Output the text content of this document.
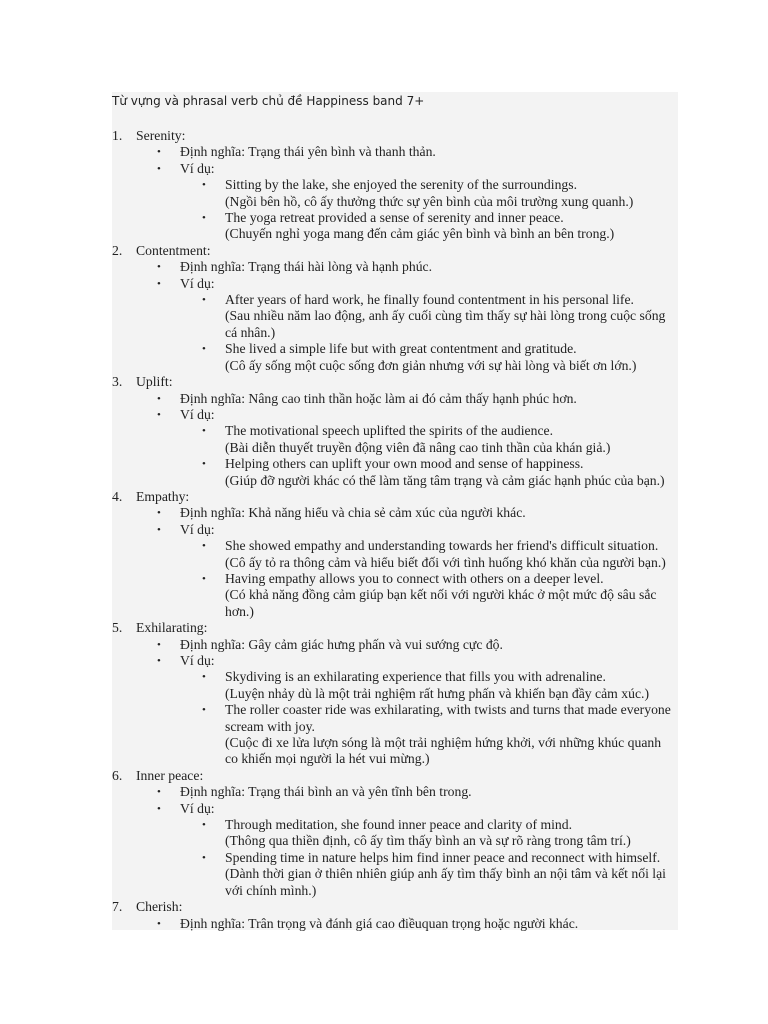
Từ vựng và phrasal verb chủ đề Happiness band 7+
1.	Serenity:
•	Định nghĩa: Trạng thái yên bình và thanh thản.
•	Ví dụ:
•	Sitting by the lake, she enjoyed the serenity of the surroundings.
(Ngồi bên hồ, cô ấy thưởng thức sự yên bình của môi trường xung quanh.)
•	The yoga retreat provided a sense of serenity and inner peace.
(Chuyến nghỉ yoga mang đến cảm giác yên bình và bình an bên trong.)
2.	Contentment:
•	Định nghĩa: Trạng thái hài lòng và hạnh phúc.
•	Ví dụ:
•	After years of hard work, he finally found contentment in his personal life.
(Sau nhiều năm lao động, anh ấy cuối cùng tìm thấy sự hài lòng trong cuộc sống cá nhân.)
•	She lived a simple life but with great contentment and gratitude.
(Cô ấy sống một cuộc sống đơn giản nhưng với sự hài lòng và biết ơn lớn.)
3.	Uplift:
•	Định nghĩa: Nâng cao tinh thần hoặc làm ai đó cảm thấy hạnh phúc hơn.
•	Ví dụ:
•	The motivational speech uplifted the spirits of the audience.
(Bài diễn thuyết truyền động viên đã nâng cao tinh thần của khán giả.)
•	Helping others can uplift your own mood and sense of happiness.
(Giúp đỡ người khác có thể làm tăng tâm trạng và cảm giác hạnh phúc của bạn.)
4.	Empathy:
•	Định nghĩa: Khả năng hiểu và chia sẻ cảm xúc của người khác.
•	Ví dụ:
•	She showed empathy and understanding towards her friend's difficult situation.
(Cô ấy tỏ ra thông cảm và hiểu biết đối với tình huống khó khăn của người bạn.)
•	Having empathy allows you to connect with others on a deeper level.
(Có khả năng đồng cảm giúp bạn kết nối với người khác ở một mức độ sâu sắc hơn.)
5.	Exhilarating:
•	Định nghĩa: Gây cảm giác hưng phấn và vui sướng cực độ.
•	Ví dụ:
•	Skydiving is an exhilarating experience that fills you with adrenaline.
(Luyện nhảy dù là một trải nghiệm rất hưng phấn và khiến bạn đầy cảm xúc.)
•	The roller coaster ride was exhilarating, with twists and turns that made everyone scream with joy.
(Cuộc đi xe lửa lượn sóng là một trải nghiệm hứng khởi, với những khúc quanh co khiến mọi người la hét vui mừng.)
6.	Inner peace:
•	Định nghĩa: Trạng thái bình an và yên tĩnh bên trong.
•	Ví dụ:
•	Through meditation, she found inner peace and clarity of mind.
(Thông qua thiền định, cô ấy tìm thấy bình an và sự rõ ràng trong tâm trí.)
•	Spending time in nature helps him find inner peace and reconnect with himself.
(Dành thời gian ở thiên nhiên giúp anh ấy tìm thấy bình an nội tâm và kết nối lại với chính mình.)
7.	Cherish:
•	Định nghĩa: Trân trọng và đánh giá cao điềuquan trọng hoặc người khác.
